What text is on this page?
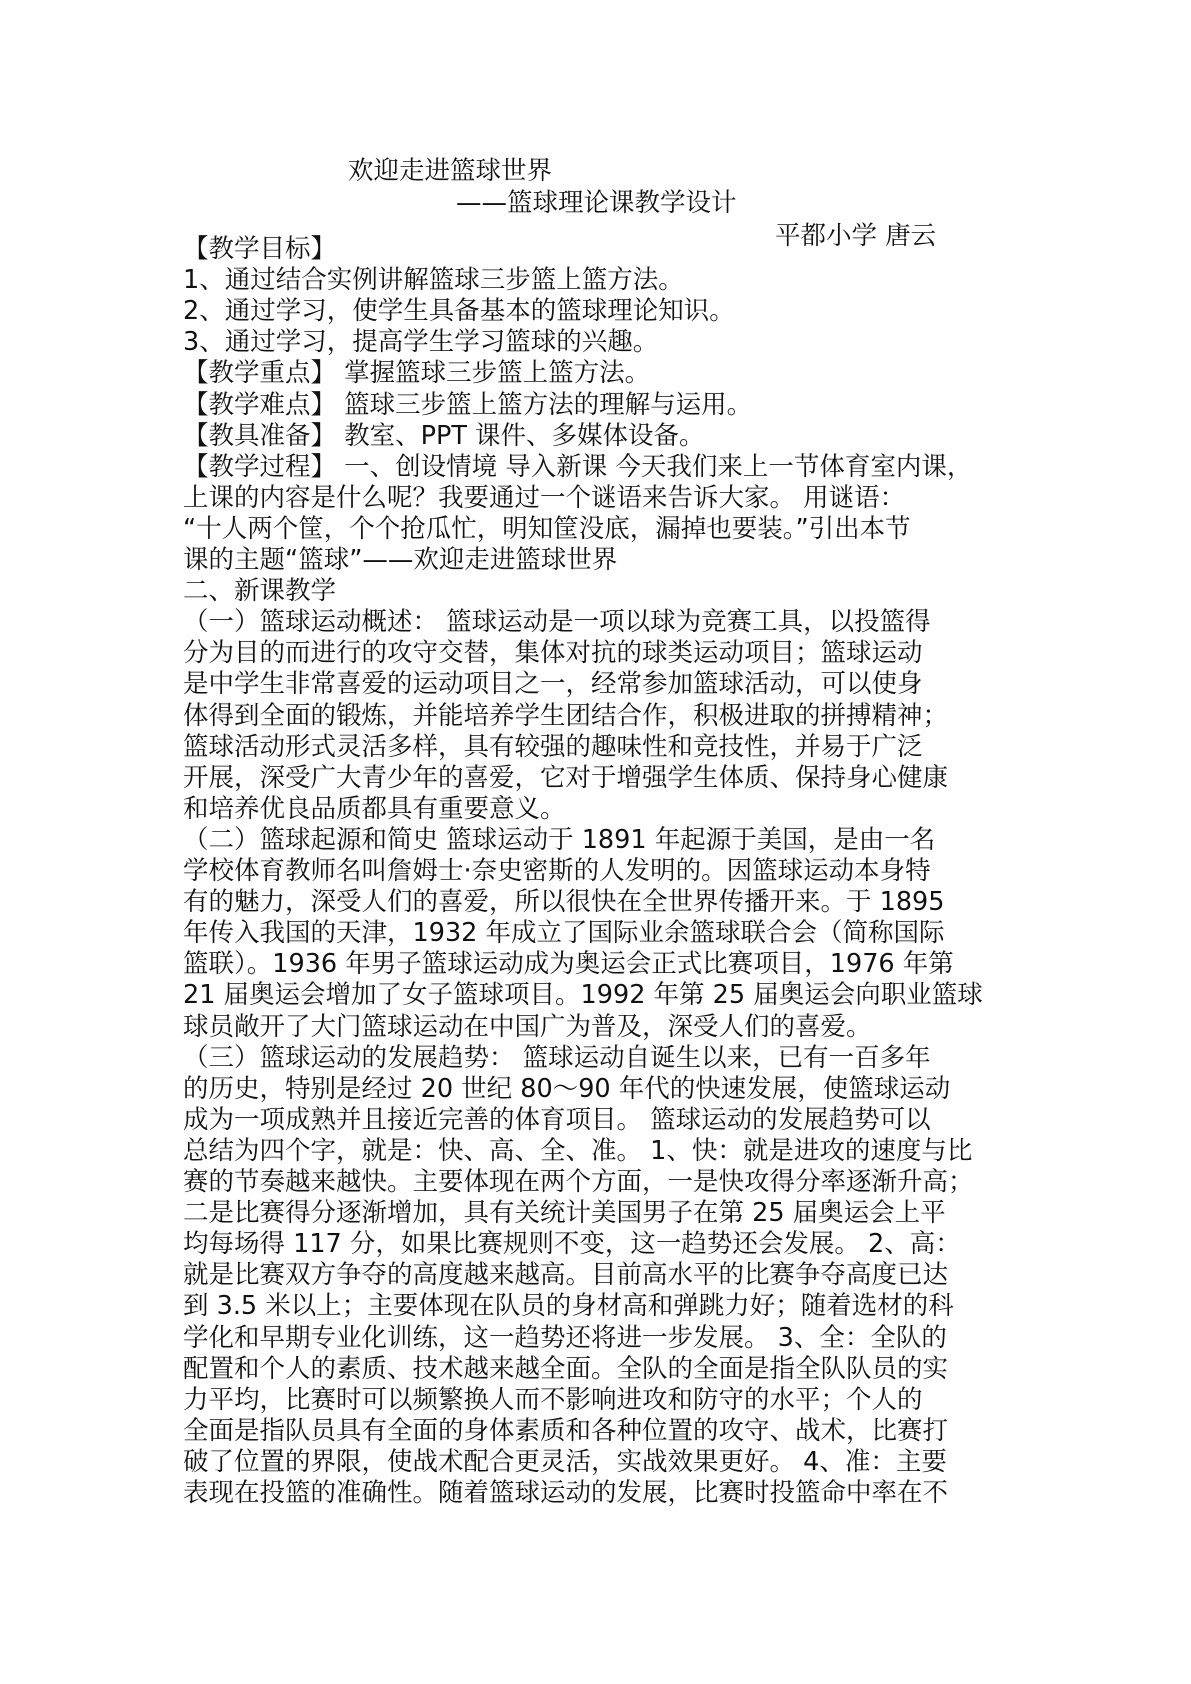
欢迎走进篮球世界
——篮球理论课教学设计
平都小学 唐云
【教学目标】
1、通过结合实例讲解篮球三步篮上篮方法。
2、通过学习，使学生具备基本的篮球理论知识。
3、通过学习，提高学生学习篮球的兴趣。
【教学重点】 掌握篮球三步篮上篮方法。
【教学难点】 篮球三步篮上篮方法的理解与运用。
【教具准备】 教室、PPT 课件、多媒体设备。
【教学过程】 一、创设情境 导入新课 今天我们来上一节体育室内课，
上课的内容是什么呢？我要通过一个谜语来告诉大家。 用谜语：
“十人两个筐，个个抢瓜忙，明知筐没底，漏掉也要装。”引出本节
课的主题“篮球”——欢迎走进篮球世界
二、新课教学
（一）篮球运动概述： 篮球运动是一项以球为竞赛工具，以投篮得
分为目的而进行的攻守交替，集体对抗的球类运动项目；篮球运动
是中学生非常喜爱的运动项目之一，经常参加篮球活动，可以使身
体得到全面的锻炼，并能培养学生团结合作，积极进取的拼搏精神；
篮球活动形式灵活多样，具有较强的趣味性和竞技性，并易于广泛
开展，深受广大青少年的喜爱，它对于增强学生体质、保持身心健康
和培养优良品质都具有重要意义。
（二）篮球起源和简史 篮球运动于 1891 年起源于美国，是由一名
学校体育教师名叫詹姆士·奈史密斯的人发明的。因篮球运动本身特
有的魅力，深受人们的喜爱，所以很快在全世界传播开来。于 1895
年传入我国的天津，1932 年成立了国际业余篮球联合会（简称国际
篮联）。1936 年男子篮球运动成为奥运会正式比赛项目，1976 年第
21 届奥运会增加了女子篮球项目。1992 年第 25 届奥运会向职业篮球
球员敞开了大门篮球运动在中国广为普及，深受人们的喜爱。
（三）篮球运动的发展趋势： 篮球运动自诞生以来，已有一百多年
的历史，特别是经过 20 世纪 80～90 年代的快速发展，使篮球运动
成为一项成熟并且接近完善的体育项目。 篮球运动的发展趋势可以
总结为四个字，就是：快、高、全、准。 1、快：就是进攻的速度与比
赛的节奏越来越快。主要体现在两个方面，一是快攻得分率逐渐升高；
二是比赛得分逐渐增加，具有关统计美国男子在第 25 届奥运会上平
均每场得 117 分，如果比赛规则不变，这一趋势还会发展。 2、高：
就是比赛双方争夺的高度越来越高。目前高水平的比赛争夺高度已达
到 3.5 米以上；主要体现在队员的身材高和弹跳力好；随着选材的科
学化和早期专业化训练，这一趋势还将进一步发展。 3、全：全队的
配置和个人的素质、技术越来越全面。全队的全面是指全队队员的实
力平均，比赛时可以频繁换人而不影响进攻和防守的水平；个人的
全面是指队员具有全面的身体素质和各种位置的攻守、战术，比赛打
破了位置的界限，使战术配合更灵活，实战效果更好。 4、准：主要
表现在投篮的准确性。随着篮球运动的发展，比赛时投篮命中率在不
